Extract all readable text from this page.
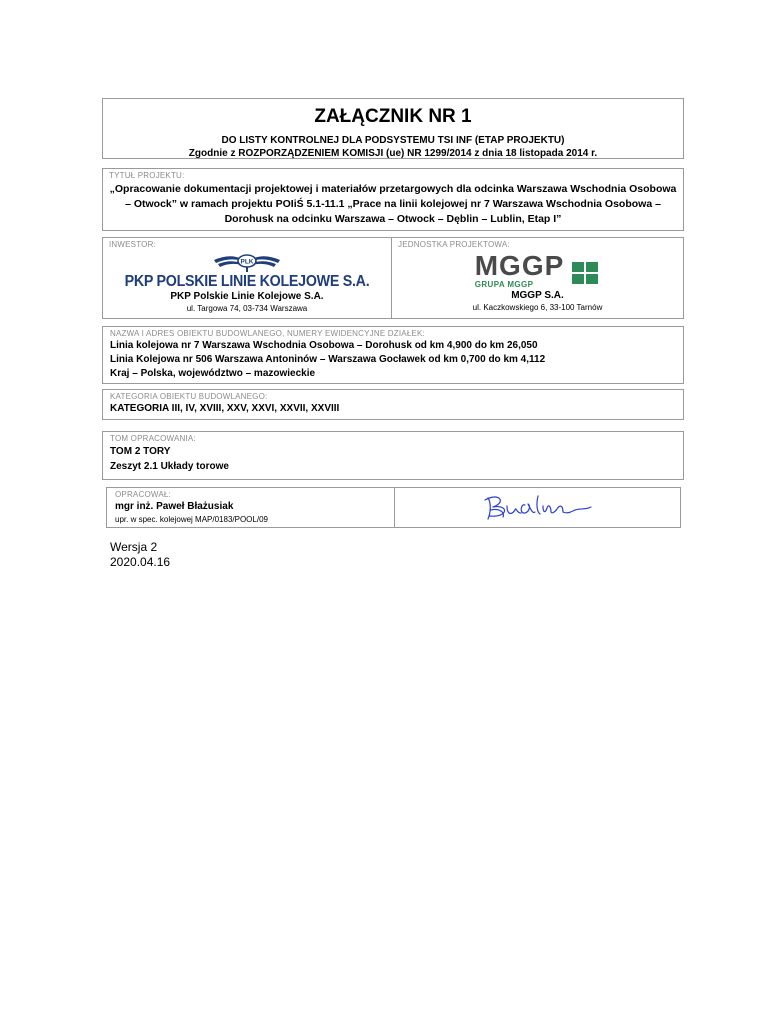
ZAŁĄCZNIK NR 1
DO LISTY KONTROLNEJ DLA PODSYSTEMU TSI INF (ETAP PROJEKTU)
Zgodnie z ROZPORZĄDZENIEM KOMISJI (ue) NR 1299/2014 z dnia 18 listopada 2014 r.
TYTUŁ PROJEKTU:
„Opracowanie dokumentacji projektowej i materiałów przetargowych dla odcinka Warszawa Wschodnia Osobowa – Otwock” w ramach projektu POIiŚ 5.1-11.1 „Prace na linii kolejowej nr 7 Warszawa Wschodnia Osobowa – Dorohusk na odcinku Warszawa – Otwock – Dęblin – Lublin, Etap I”
INWESTOR:
PLK
PKP POLSKIE LINIE KOLEJOWE S.A.
PKP Polskie Linie Kolejowe S.A.
ul. Targowa 74, 03-734 Warszawa
JEDNOSTKA PROJEKTOWA:
MGGP
GRUPA MGGP
MGGP S.A.
ul. Kaczkowskiego 6, 33-100 Tarnów
NAZWA I ADRES OBIEKTU BUDOWLANEGO, NUMERY EWIDENCYJNE DZIAŁEK:
Linia kolejowa nr 7 Warszawa Wschodnia Osobowa – Dorohusk od km 4,900 do km 26,050
Linia Kolejowa nr 506 Warszawa Antoninów – Warszawa Gocławek od km 0,700 do km 4,112
Kraj – Polska, województwo – mazowieckie
KATEGORIA OBIEKTU BUDOWLANEGO:
KATEGORIA III, IV, XVIII, XXV, XXVI, XXVII, XXVIII
TOM OPRACOWANIA:
TOM 2 TORY
Zeszyt 2.1 Układy torowe
OPRACOWAŁ:
mgr inż. Paweł Błażusiak
upr. w spec. kolejowej MAP/0183/POOL/09
Wersja 2
2020.04.16
